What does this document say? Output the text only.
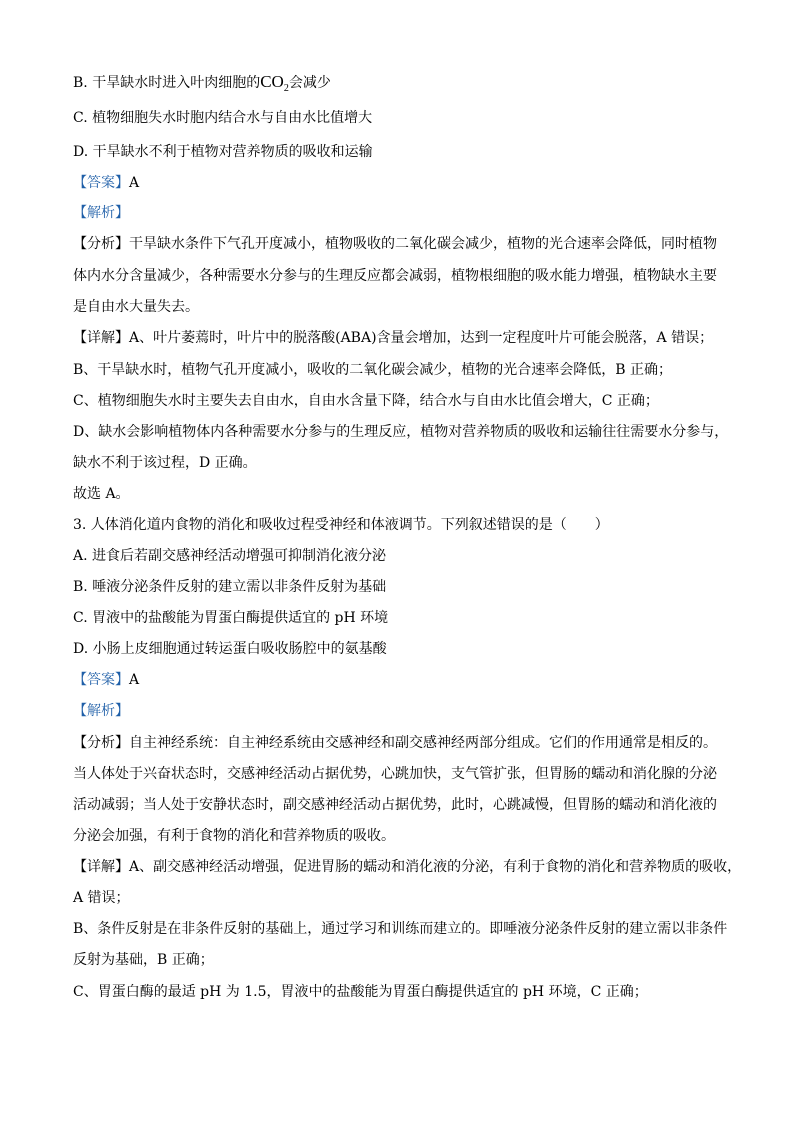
B. 干旱缺水时进入叶肉细胞的$CO_2$会减少
C. 植物细胞失水时胞内结合水与自由水比值增大
D. 干旱缺水不利于植物对营养物质的吸收和运输
【答案】A
【解析】
【分析】干旱缺水条件下气孔开度减小，植物吸收的二氧化碳会减少，植物的光合速率会降低，同时植物
体内水分含量减少，各种需要水分参与的生理反应都会减弱，植物根细胞的吸水能力增强，植物缺水主要
是自由水大量失去。
【详解】A、叶片萎蔫时，叶片中的脱落酸(ABA)含量会增加，达到一定程度叶片可能会脱落，A 错误；
B、干旱缺水时，植物气孔开度减小，吸收的二氧化碳会减少，植物的光合速率会降低，B 正确；
C、植物细胞失水时主要失去自由水，自由水含量下降，结合水与自由水比值会增大，C 正确；
D、缺水会影响植物体内各种需要水分参与的生理反应，植物对营养物质的吸收和运输往往需要水分参与，
缺水不利于该过程，D 正确。
故选 A。
3. 人体消化道内食物的消化和吸收过程受神经和体液调节。下列叙述错误的是（　　）
A. 进食后若副交感神经活动增强可抑制消化液分泌
B. 唾液分泌条件反射的建立需以非条件反射为基础
C. 胃液中的盐酸能为胃蛋白酶提供适宜的 pH 环境
D. 小肠上皮细胞通过转运蛋白吸收肠腔中的氨基酸
【答案】A
【解析】
【分析】自主神经系统：自主神经系统由交感神经和副交感神经两部分组成。它们的作用通常是相反的。
当人体处于兴奋状态时，交感神经活动占据优势，心跳加快，支气管扩张，但胃肠的蠕动和消化腺的分泌
活动减弱；当人处于安静状态时，副交感神经活动占据优势，此时，心跳减慢，但胃肠的蠕动和消化液的
分泌会加强，有利于食物的消化和营养物质的吸收。
【详解】A、副交感神经活动增强，促进胃肠的蠕动和消化液的分泌，有利于食物的消化和营养物质的吸收，
A 错误；
B、条件反射是在非条件反射的基础上，通过学习和训练而建立的。即唾液分泌条件反射的建立需以非条件
反射为基础，B 正确；
C、胃蛋白酶的最适 pH 为 1.5，胃液中的盐酸能为胃蛋白酶提供适宜的 pH 环境，C 正确；
